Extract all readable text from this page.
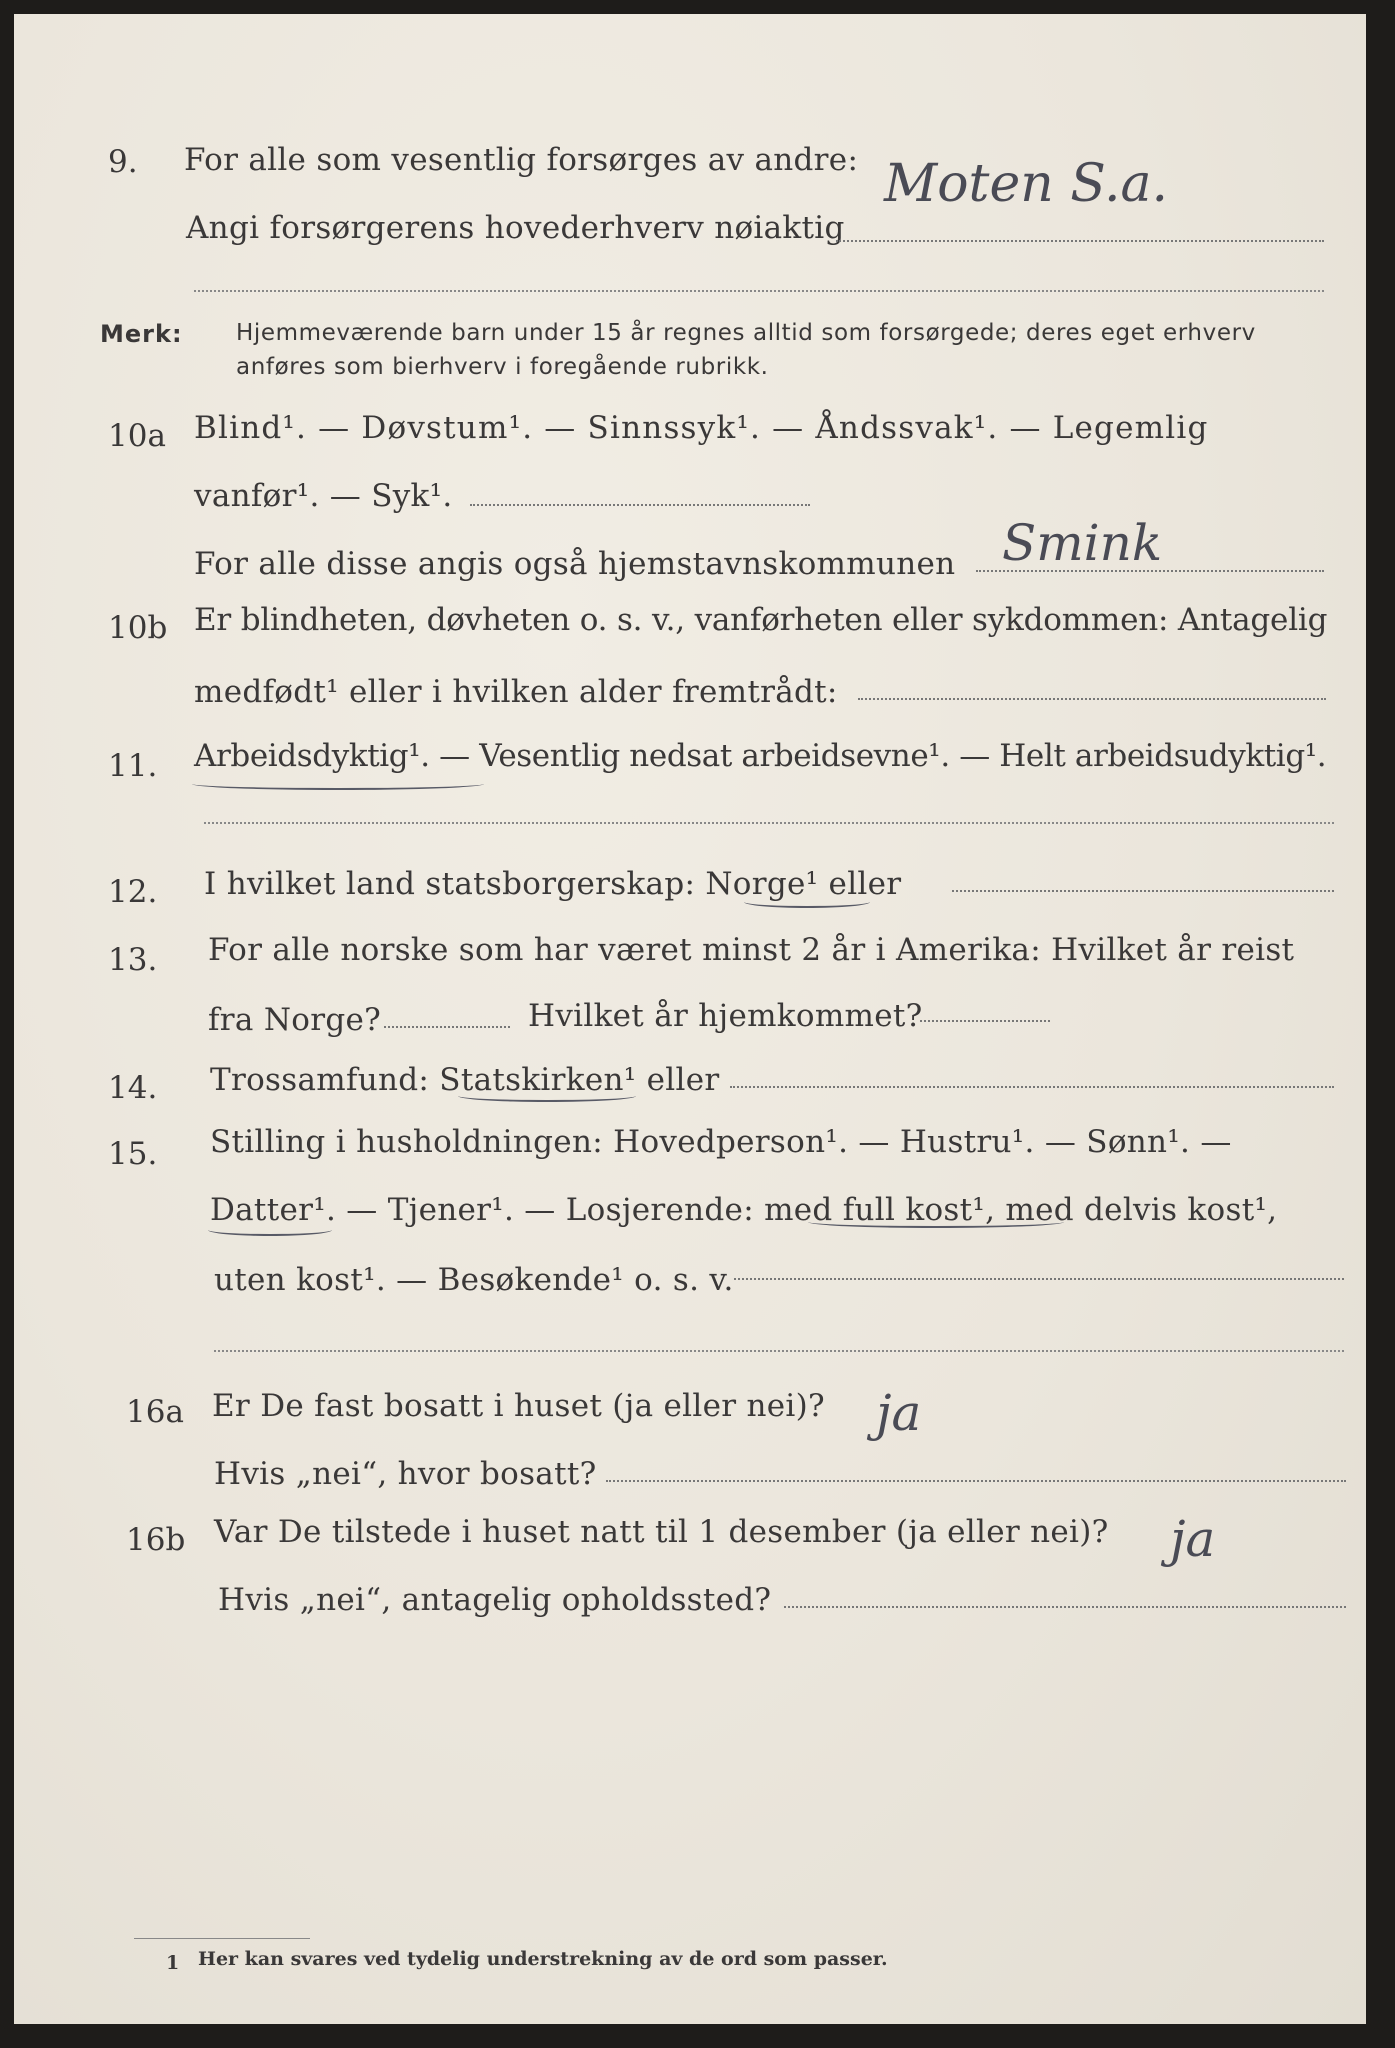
9. For alle som vesentlig forsørges av andre: Moten S.a.
Angi forsørgerens hovederhverv nøiaktig
Merk: Hjemmeværende barn under 15 år regnes alltid som forsørgede; deres eget erhverv
anføres som bierhverv i foregående rubrikk.
10a Blind¹. — Døvstum¹. — Sinnssyk¹. — Åndssvak¹. — Legemlig
vanfør¹. — Syk¹.
For alle disse angis også hjemstavnskommunen Smink
10b Er blindheten, døvheten o. s. v., vanførheten eller sykdommen: Antagelig
medfødt¹ eller i hvilken alder fremtrådt:
11. Arbeidsdyktig¹. — Vesentlig nedsat arbeidsevne¹. — Helt arbeidsudyktig¹.
12. I hvilket land statsborgerskap: Norge¹ eller
13. For alle norske som har været minst 2 år i Amerika: Hvilket år reist
fra Norge?	Hvilket år hjemkommet?
14. Trossamfund: Statskirken¹ eller
15. Stilling i husholdningen: Hovedperson¹. — Hustru¹. — Sønn¹. —
Datter¹. — Tjener¹. — Losjerende: med full kost¹, med delvis kost¹,
uten kost¹. — Besøkende¹ o. s. v.
16a Er De fast bosatt i huset (ja eller nei)? ja
Hvis „nei“, hvor bosatt?
16b Var De tilstede i huset natt til 1 desember (ja eller nei)? ja
Hvis „nei“, antagelig opholdssted?
1 Her kan svares ved tydelig understrekning av de ord som passer.
